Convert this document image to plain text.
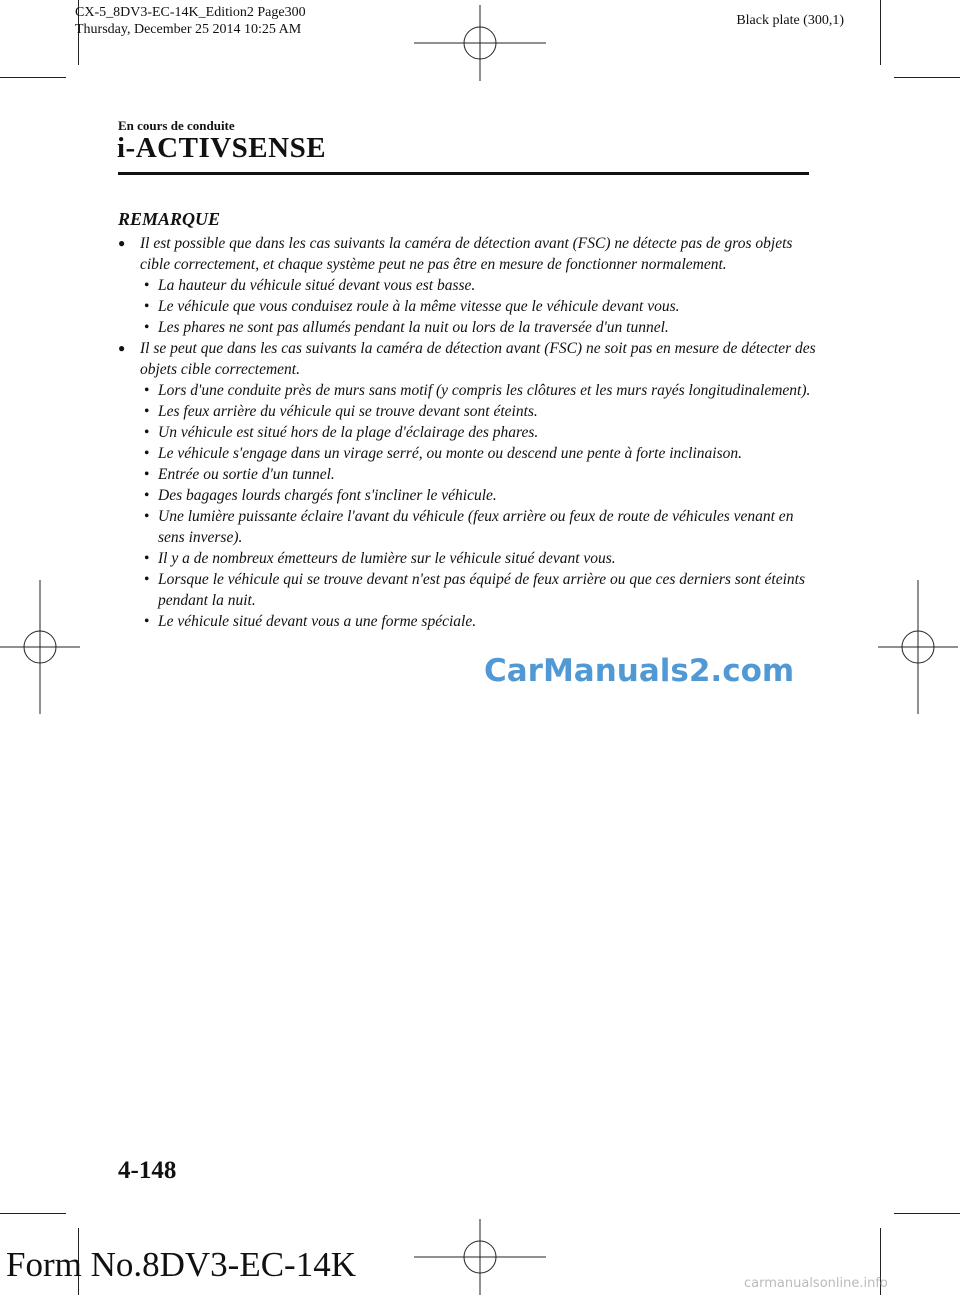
CX-5_8DV3-EC-14K_Edition2 Page300
Thursday, December 25 2014 10:25 AM
Black plate (300,1)
En cours de conduite
i-ACTIVSENSE
REMARQUE
● Il est possible que dans les cas suivants la caméra de détection avant (FSC) ne détecte pas de gros objets cible correctement, et chaque système peut ne pas être en mesure de fonctionner normalement.
• La hauteur du véhicule situé devant vous est basse.
• Le véhicule que vous conduisez roule à la même vitesse que le véhicule devant vous.
• Les phares ne sont pas allumés pendant la nuit ou lors de la traversée d'un tunnel.
● Il se peut que dans les cas suivants la caméra de détection avant (FSC) ne soit pas en mesure de détecter des objets cible correctement.
• Lors d'une conduite près de murs sans motif (y compris les clôtures et les murs rayés longitudinalement).
• Les feux arrière du véhicule qui se trouve devant sont éteints.
• Un véhicule est situé hors de la plage d'éclairage des phares.
• Le véhicule s'engage dans un virage serré, ou monte ou descend une pente à forte inclinaison.
• Entrée ou sortie d'un tunnel.
• Des bagages lourds chargés font s'incliner le véhicule.
• Une lumière puissante éclaire l'avant du véhicule (feux arrière ou feux de route de véhicules venant en sens inverse).
• Il y a de nombreux émetteurs de lumière sur le véhicule situé devant vous.
• Lorsque le véhicule qui se trouve devant n'est pas équipé de feux arrière ou que ces derniers sont éteints pendant la nuit.
• Le véhicule situé devant vous a une forme spéciale.
CarManuals2.com
4-148
Form No.8DV3-EC-14K	carmanualsonline.info
